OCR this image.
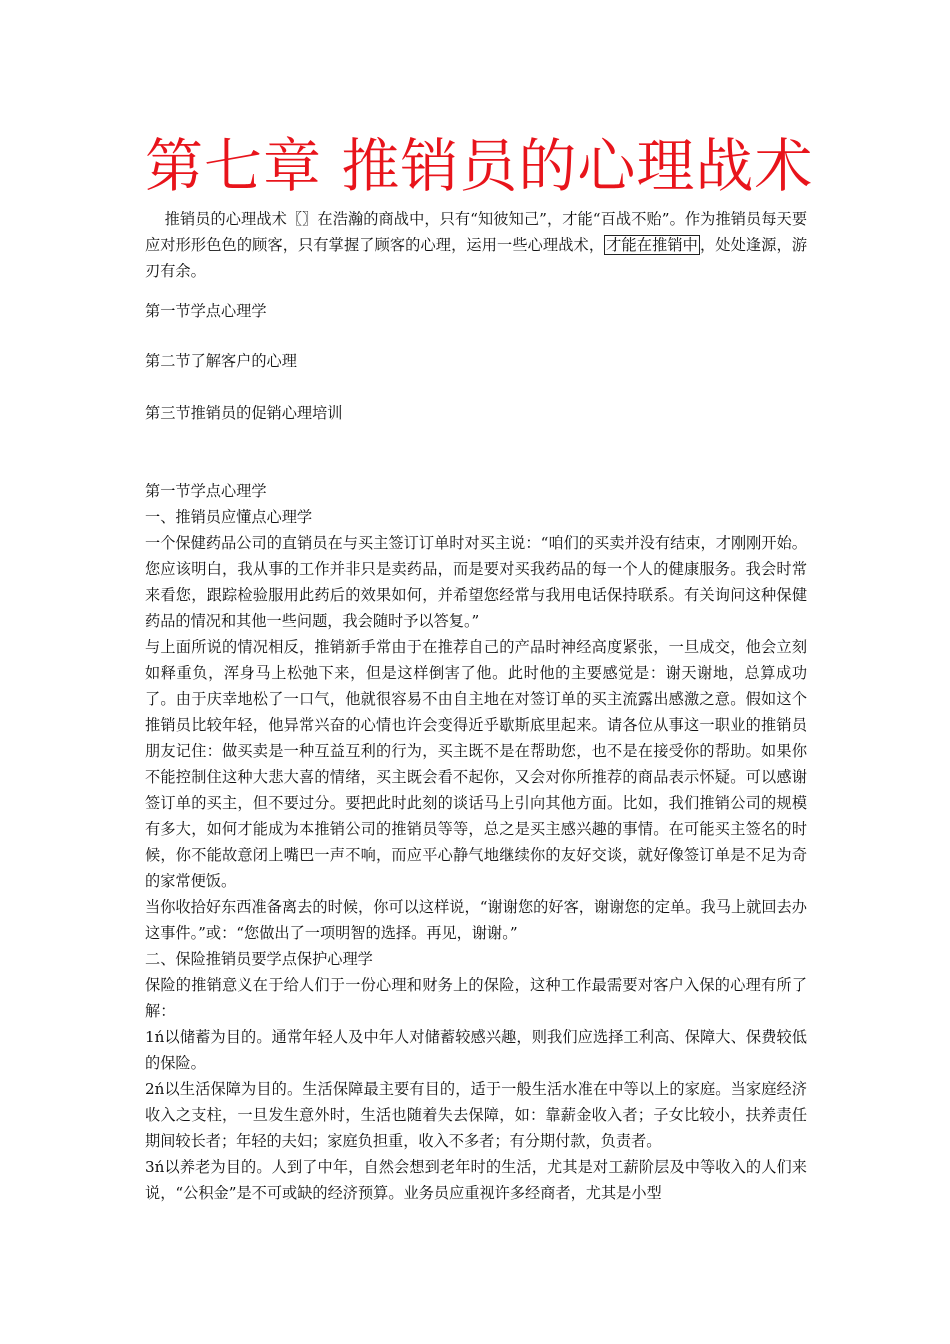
第七章 推销员的心理战术
推销员的心理战术〖〗在浩瀚的商战中，只有“知彼知己”，才能“百战不贻”。作为推销员每天要应对形形色色的顾客，只有掌握了顾客的心理，运用一些心理战术， 才能在推销中 ，处处逢源，游刃有余。
第一节学点心理学
第二节了解客户的心理
第三节推销员的促销心理培训

第一节学点心理学

一、推销员应懂点心理学

一个保健药品公司的直销员在与买主签订订单时对买主说：“咱们的买卖并没有结束，才刚刚开始。您应该明白，我从事的工作并非只是卖药品，而是要对买我药品的每一个人的健康服务。我会时常来看您，跟踪检验服用此药后的效果如何，并希望您经常与我用电话保持联系。有关询问这种保健药品的情况和其他一些问题，我会随时予以答复。”

与上面所说的情况相反，推销新手常由于在推荐自己的产品时神经高度紧张，一旦成交，他会立刻如释重负，浑身马上松弛下来，但是这样倒害了他。此时他的主要感觉是：谢天谢地，总算成功了。由于庆幸地松了一口气，他就很容易不由自主地在对签订单的买主流露出感激之意。假如这个推销员比较年轻，他异常兴奋的心情也许会变得近乎歇斯底里起来。请各位从事这一职业的推销员朋友记住：做买卖是一种互益互利的行为，买主既不是在帮助您，也不是在接受你的帮助。如果你不能控制住这种大悲大喜的情绪，买主既会看不起你，又会对你所推荐的商品表示怀疑。可以感谢签订单的买主，但不要过分。要把此时此刻的谈话马上引向其他方面。比如，我们推销公司的规模有多大，如何才能成为本推销公司的推销员等等，总之是买主感兴趣的事情。在可能买主签名的时候，你不能故意闭上嘴巴一声不响，而应平心静气地继续你的友好交谈，就好像签订单是不足为奇的家常便饭。

当你收拾好东西准备离去的时候，你可以这样说，“谢谢您的好客，谢谢您的定单。我马上就回去办这事件。”或：“您做出了一项明智的选择。再见，谢谢。”

二、保险推销员要学点保护心理学

保险的推销意义在于给人们于一份心理和财务上的保险，这种工作最需要对客户入保的心理有所了解：

1ń以储蓄为目的。通常年轻人及中年人对储蓄较感兴趣，则我们应选择工利高、保障大、保费较低的保险。

2ń以生活保障为目的。生活保障最主要有目的，适于一般生活水准在中等以上的家庭。当家庭经济收入之支柱，一旦发生意外时，生活也随着失去保障，如：靠薪金收入者；子女比较小，扶养责任期间较长者；年轻的夫妇；家庭负担重，收入不多者；有分期付款，负责者。

3ń以养老为目的。人到了中年，自然会想到老年时的生活，尤其是对工薪阶层及中等收入的人们来说，“公积金”是不可或缺的经济预算。业务员应重视许多经商者，尤其是小型
